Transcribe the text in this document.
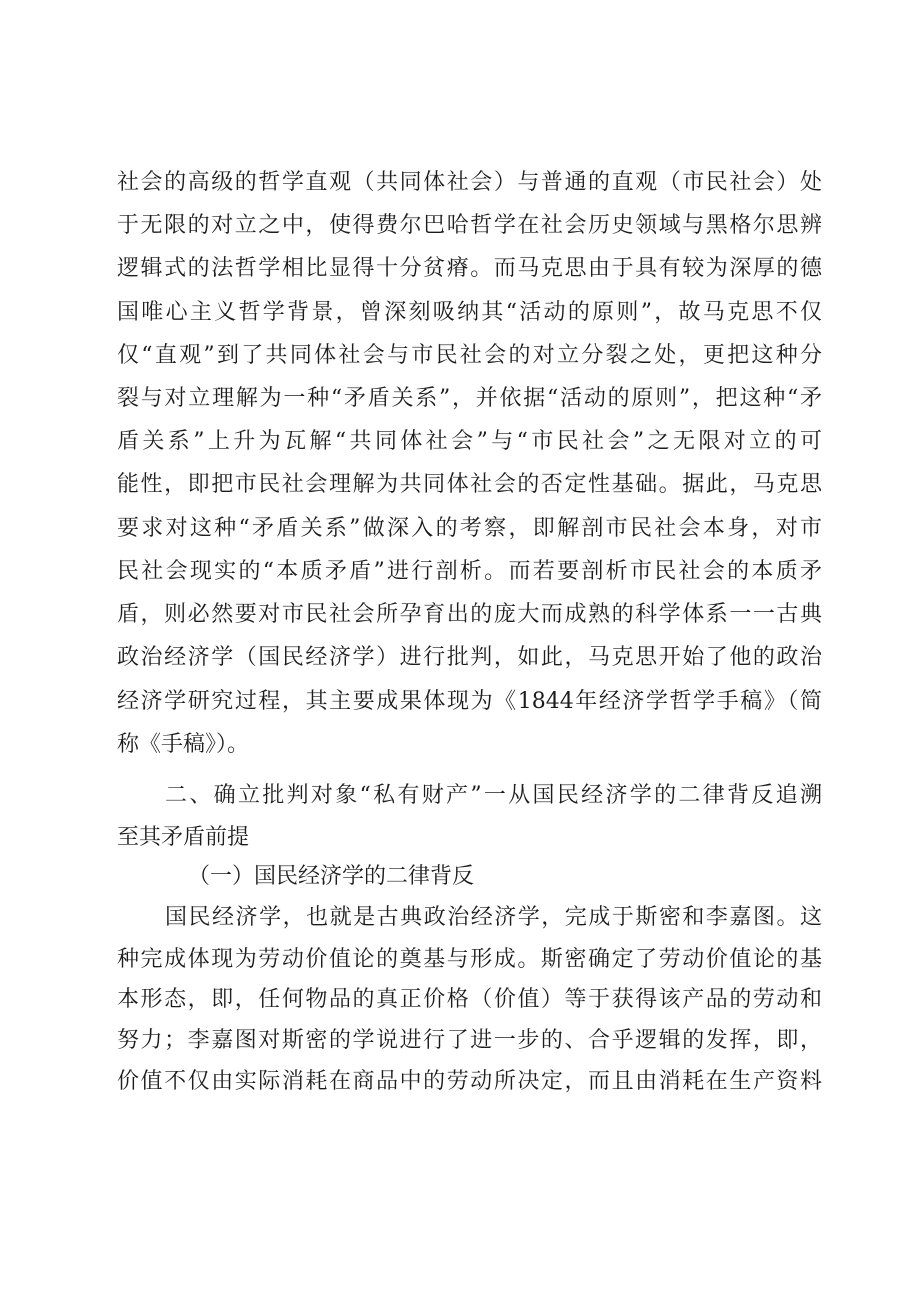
社会的高级的哲学直观（共同体社会）与普通的直观（市民社会）处
于无限的对立之中，使得费尔巴哈哲学在社会历史领域与黑格尔思辨
逻辑式的法哲学相比显得十分贫瘠。而马克思由于具有较为深厚的德
国唯心主义哲学背景，曾深刻吸纳其“活动的原则”，故马克思不仅
仅“直观”到了共同体社会与市民社会的对立分裂之处，更把这种分
裂与对立理解为一种“矛盾关系”，并依据“活动的原则”，把这种“矛
盾关系”上升为瓦解“共同体社会”与“市民社会”之无限对立的可
能性，即把市民社会理解为共同体社会的否定性基础。据此，马克思
要求对这种“矛盾关系”做深入的考察，即解剖市民社会本身，对市
民社会现实的“本质矛盾”进行剖析。而若要剖析市民社会的本质矛
盾，则必然要对市民社会所孕育出的庞大而成熟的科学体系一一古典
政治经济学（国民经济学）进行批判，如此，马克思开始了他的政治
经济学研究过程，其主要成果体现为《1844年经济学哲学手稿》（简
称《手稿》）。
二、确立批判对象“私有财产”一从国民经济学的二律背反追溯
至其矛盾前提
（一）国民经济学的二律背反
国民经济学，也就是古典政治经济学，完成于斯密和李嘉图。这
种完成体现为劳动价值论的奠基与形成。斯密确定了劳动价值论的基
本形态，即，任何物品的真正价格（价值）等于获得该产品的劳动和
努力；李嘉图对斯密的学说进行了进一步的、合乎逻辑的发挥，即，
价值不仅由实际消耗在商品中的劳动所决定，而且由消耗在生产资料
